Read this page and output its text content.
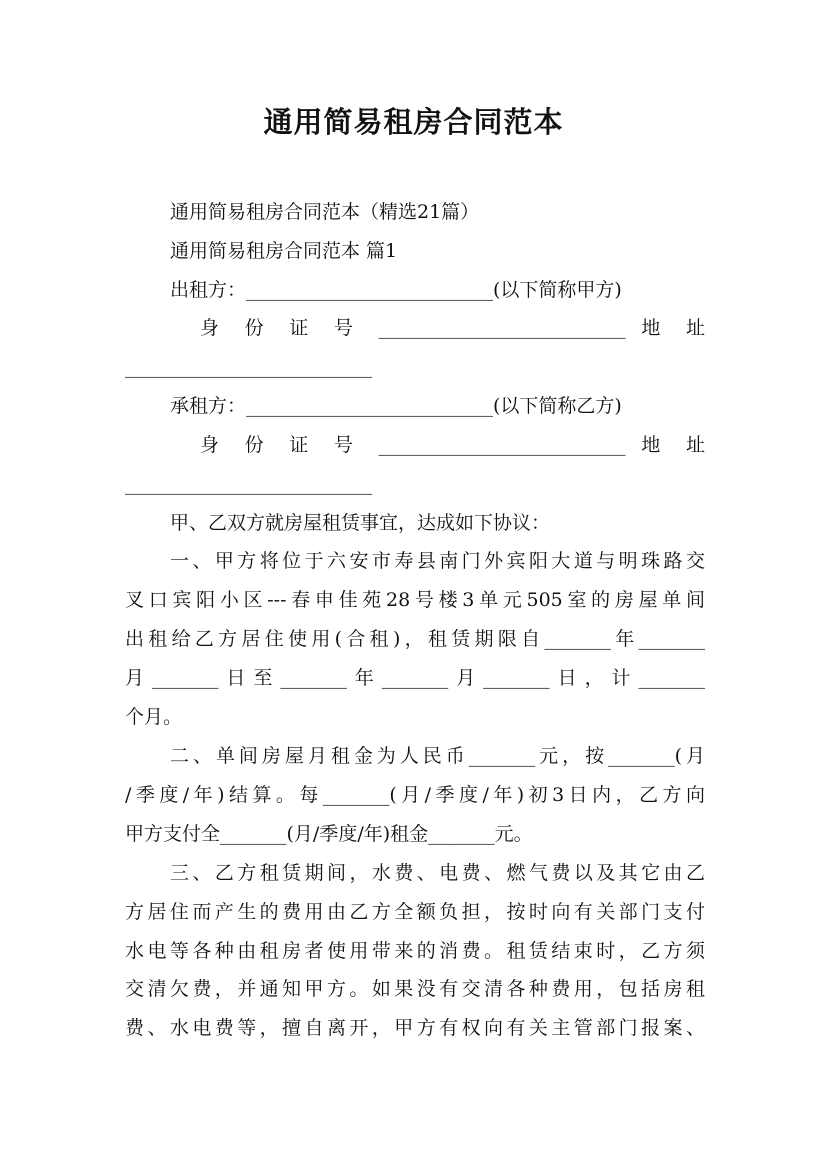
通用简易租房合同范本
通用简易租房合同范本（精选21篇）
通用简易租房合同范本 篇1
出租方：__________________________(以下简称甲方)
身 份 证 号 __________________________ 地 址
__________________________
承租方：__________________________(以下简称乙方)
身 份 证 号 __________________________ 地 址
__________________________
甲、乙双方就房屋租赁事宜，达成如下协议：
一、甲方将位于六安市寿县南门外宾阳大道与明珠路交
叉口宾阳小区---春申佳苑28号楼3单元505室的房屋单间
出租给乙方居住使用(合租)，租赁期限自_______年_______
月_______日至_______年_______月_______日，计_______
个月。
二、单间房屋月租金为人民币_______元，按_______(月
/季度/年)结算。每_______(月/季度/年)初3日内，乙方向
甲方支付全_______(月/季度/年)租金_______元。
三、乙方租赁期间，水费、电费、燃气费以及其它由乙
方居住而产生的费用由乙方全额负担，按时向有关部门支付
水电等各种由租房者使用带来的消费。租赁结束时，乙方须
交清欠费，并通知甲方。如果没有交清各种费用，包括房租
费、水电费等，擅自离开，甲方有权向有关主管部门报案、
